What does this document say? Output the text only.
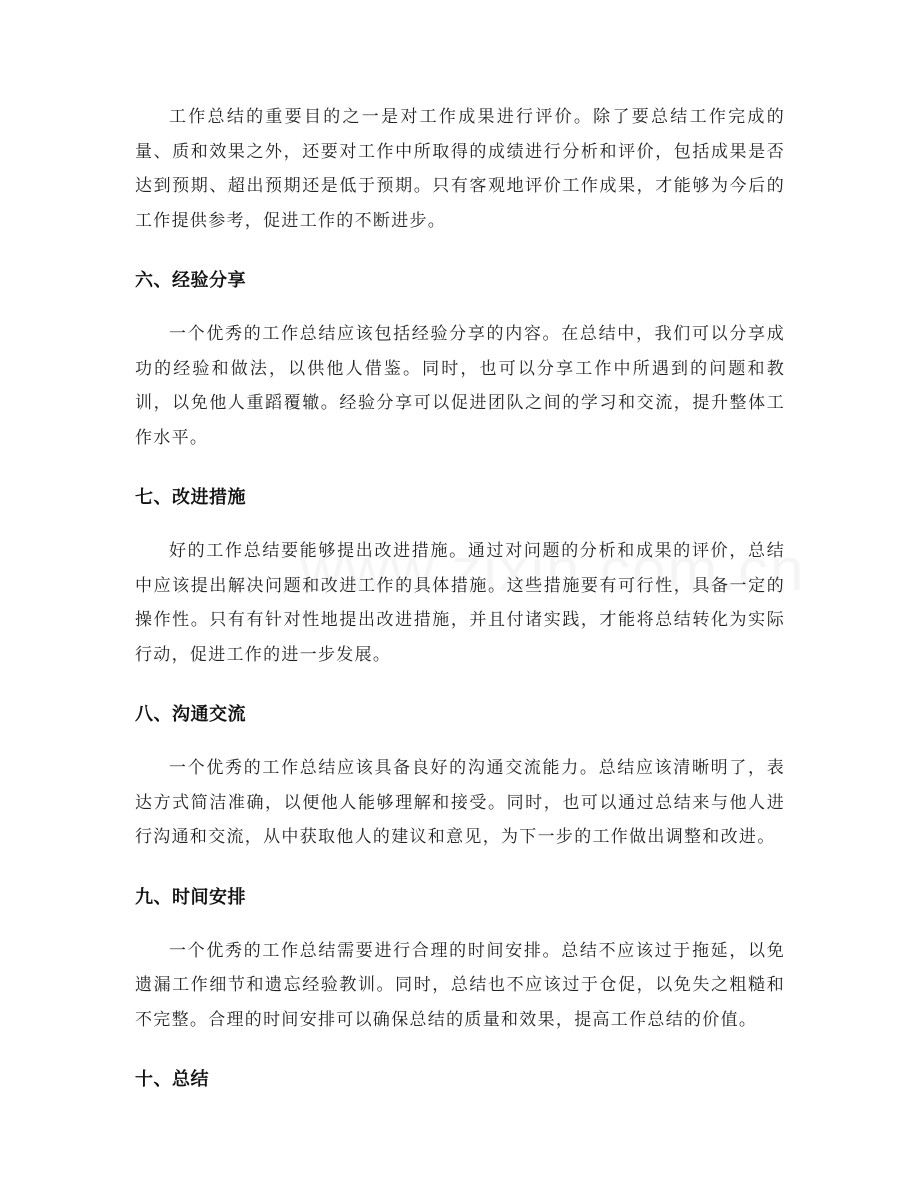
工作总结的重要目的之一是对工作成果进行评价。除了要总结工作完成的量、质和效果之外，还要对工作中所取得的成绩进行分析和评价，包括成果是否达到预期、超出预期还是低于预期。只有客观地评价工作成果，才能够为今后的工作提供参考，促进工作的不断进步。

六、经验分享

一个优秀的工作总结应该包括经验分享的内容。在总结中，我们可以分享成功的经验和做法，以供他人借鉴。同时，也可以分享工作中所遇到的问题和教训，以免他人重蹈覆辙。经验分享可以促进团队之间的学习和交流，提升整体工作水平。

七、改进措施

好的工作总结要能够提出改进措施。通过对问题的分析和成果的评价，总结中应该提出解决问题和改进工作的具体措施。这些措施要有可行性，具备一定的操作性。只有有针对性地提出改进措施，并且付诸实践，才能将总结转化为实际行动，促进工作的进一步发展。

八、沟通交流

一个优秀的工作总结应该具备良好的沟通交流能力。总结应该清晰明了，表达方式简洁准确，以便他人能够理解和接受。同时，也可以通过总结来与他人进行沟通和交流，从中获取他人的建议和意见，为下一步的工作做出调整和改进。

九、时间安排

一个优秀的工作总结需要进行合理的时间安排。总结不应该过于拖延，以免遗漏工作细节和遗忘经验教训。同时，总结也不应该过于仓促，以免失之粗糙和不完整。合理的时间安排可以确保总结的质量和效果，提高工作总结的价值。

十、总结
